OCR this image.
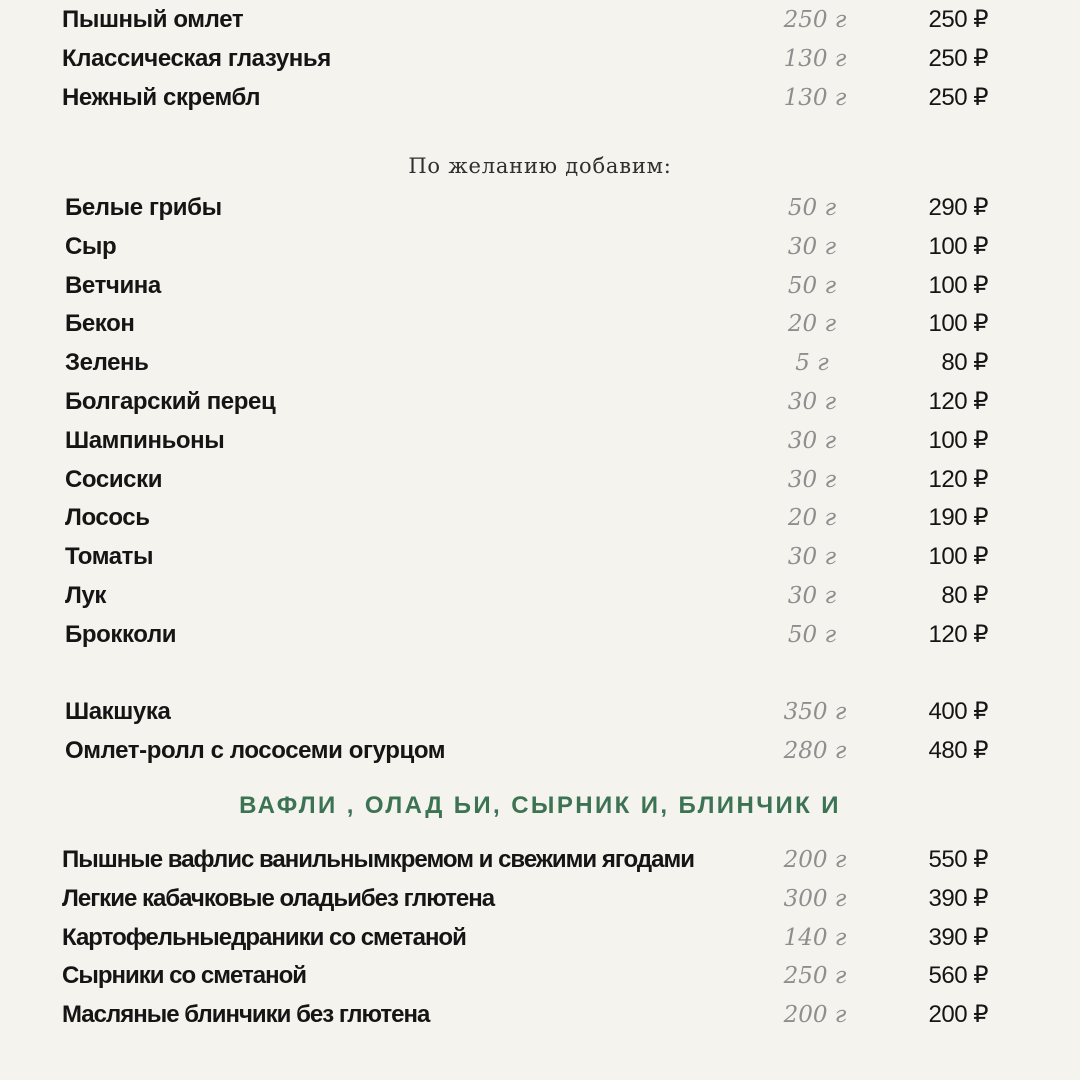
Пышный омлет	250 г	250 ₽
Классическая глазунья	130 г	250 ₽
Нежный скрембл	130 г	250 ₽
По желанию добавим:
Белые грибы	50 г	290 ₽
Сыр	30 г	100 ₽
Ветчина	50 г	100 ₽
Бекон	20 г	100 ₽
Зелень	5 г	80 ₽
Болгарский перец	30 г	120 ₽
Шампиньоны	30 г	100 ₽
Сосиски	30 г	120 ₽
Лосось	20 г	190 ₽
Томаты	30 г	100 ₽
Лук	30 г	80 ₽
Брокколи	50 г	120 ₽
Шакшука	350 г	400 ₽
Омлет-ролл с лососеми огурцом	280 г	480 ₽
ВАФЛИ , ОЛАД ЬИ, СЫРНИК И, БЛИНЧИК И
Пышные вафлис ванильнымкремом и свежими ягодами	200 г	550 ₽
Легкие кабачковые оладьибез глютена	300 г	390 ₽
Картофельныедраники со сметаной	140 г	390 ₽
Сырники со сметаной	250 г	560 ₽
Масляные блинчики без глютена	200 г	200 ₽
